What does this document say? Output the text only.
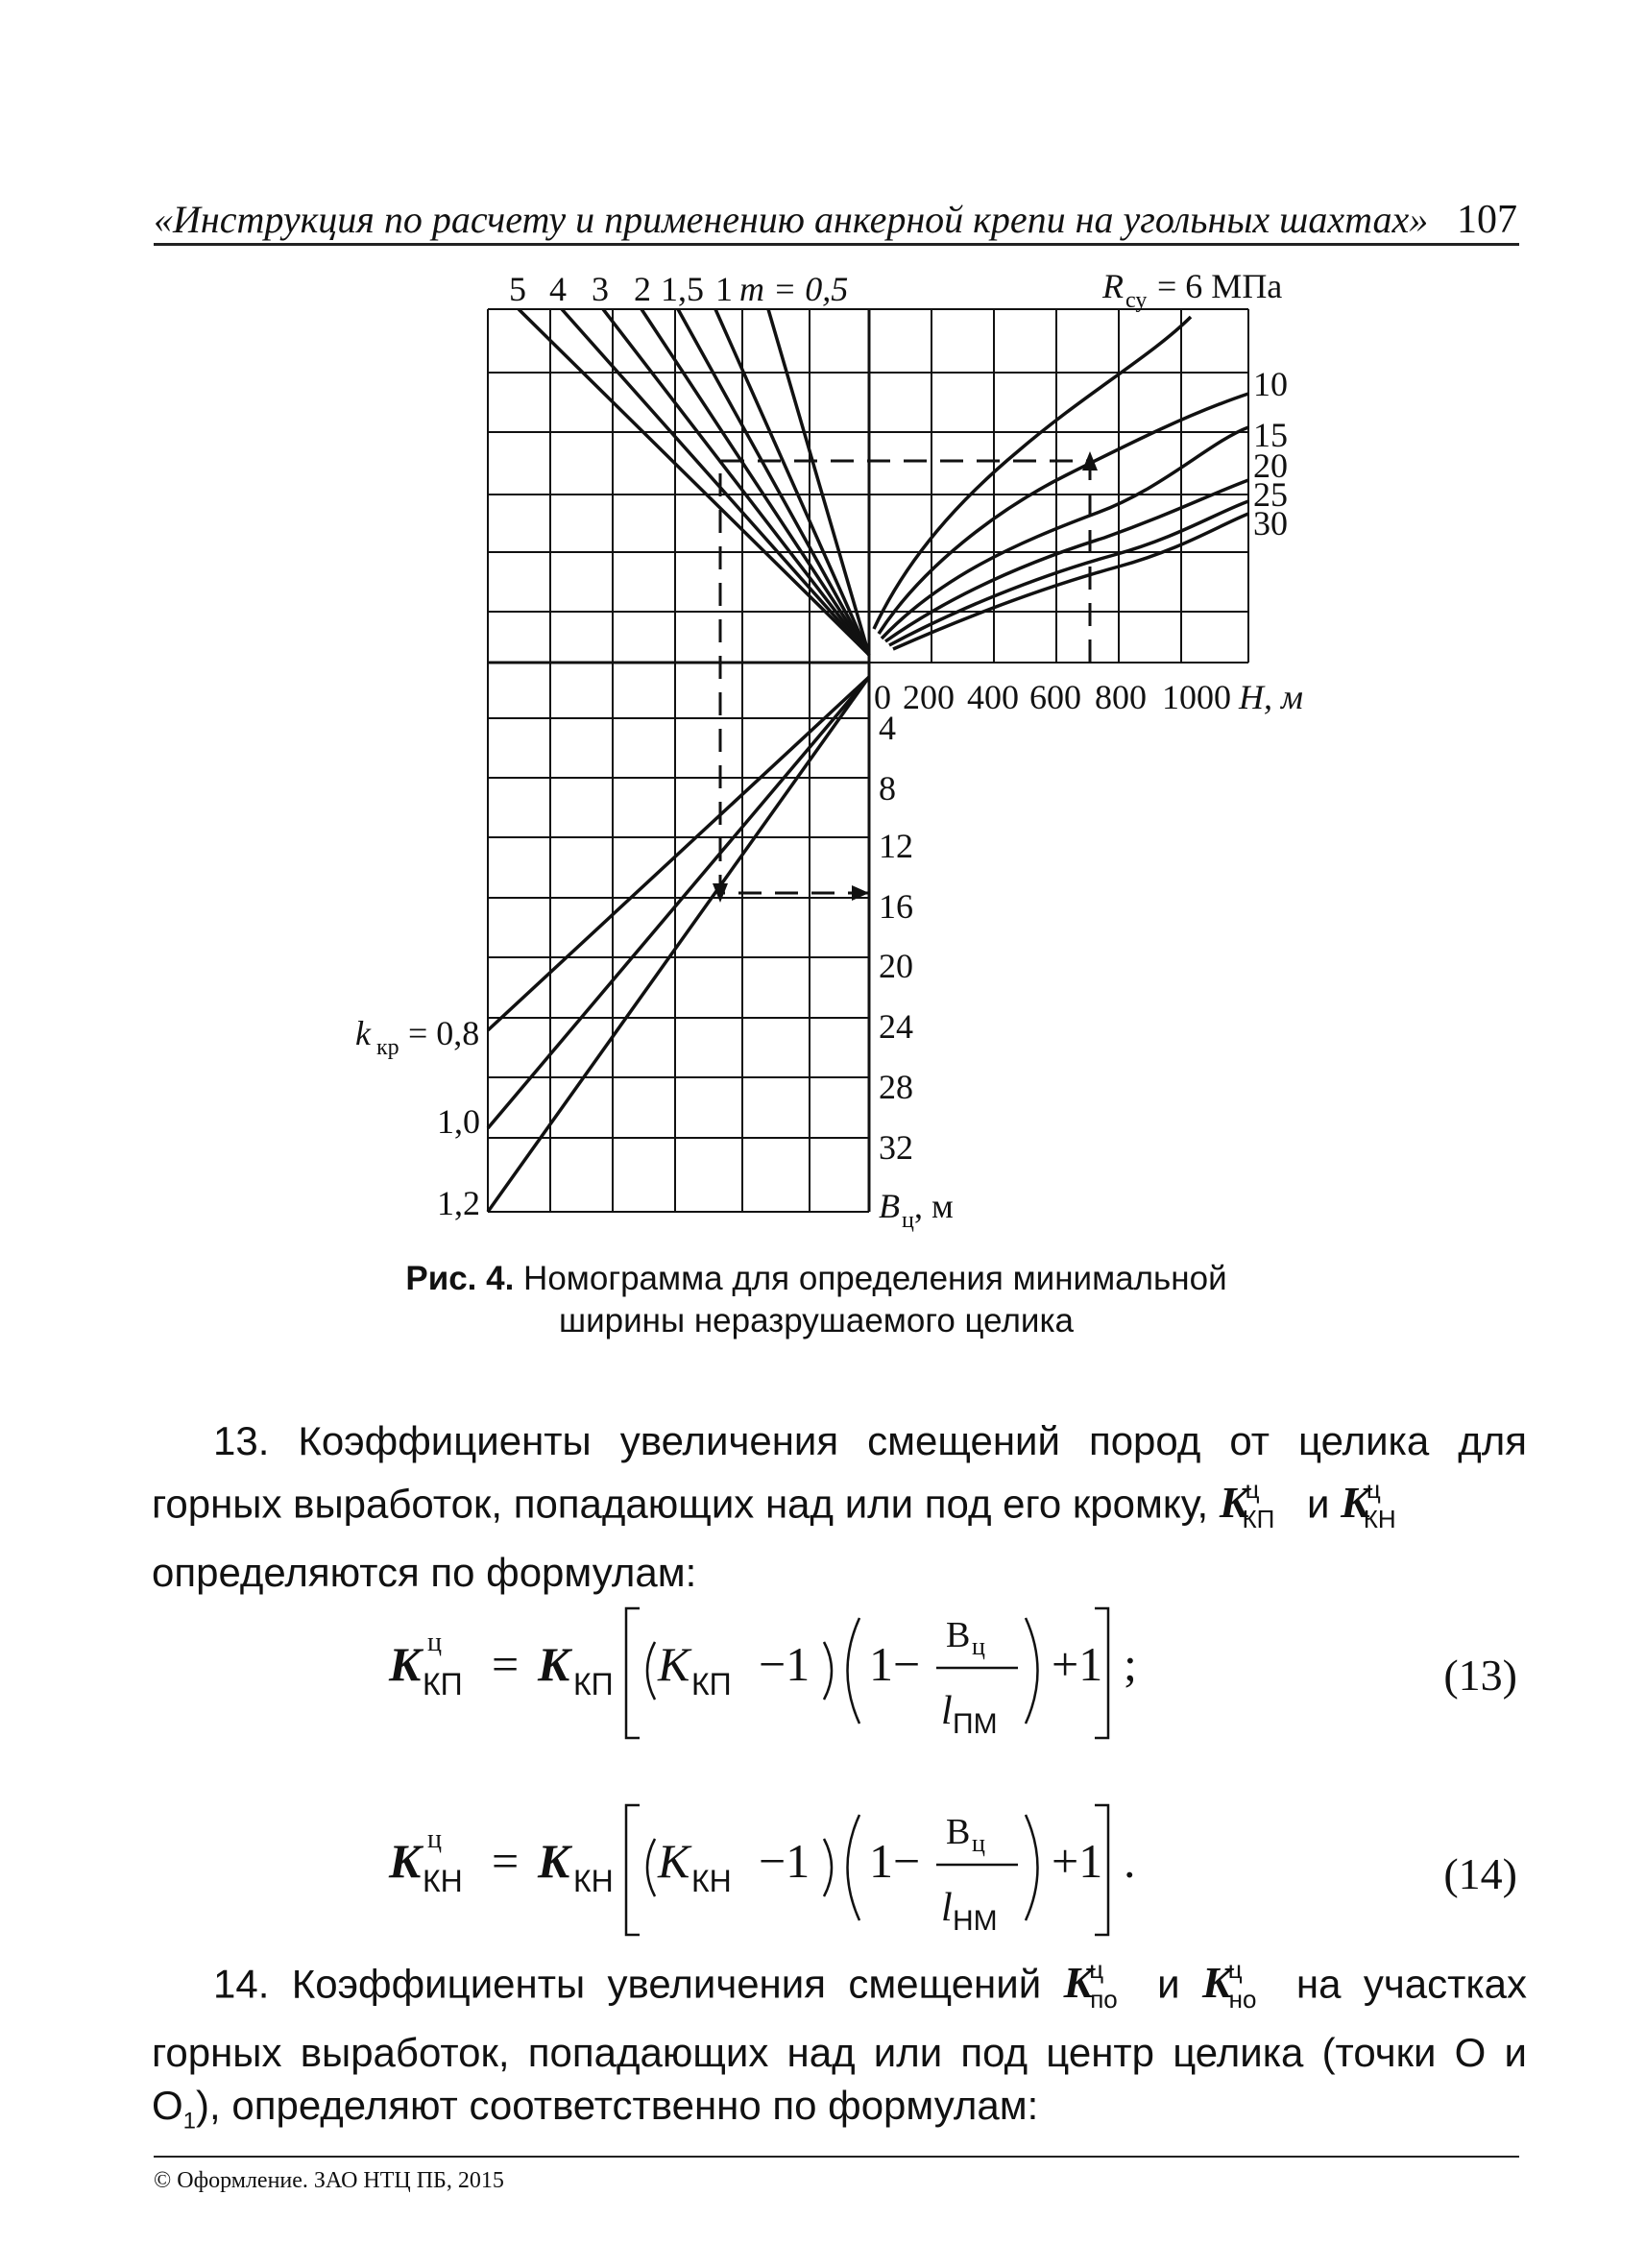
«Инструкция по расчету и применению анкерной крепи на угольных шахтах» 107
5 4 3 2 1,5 1 m = 0,5	R су = 6 МПа
10
15
20
25
30
0 200 400 600 800 1000 H, м
4
8
12
16
20
24
28
32
B ц , м
k кр = 0,8
1,0
1,2
Рис. 4. Номограмма для определения минимальной
ширины неразрушаемого целика
13. Коэффициенты увеличения смещений пород от целика для горных выработок, попадающих над или под его кромку, $K^ц_{КП}$ и $K^ц_{КН}$
определяются по формулам:
K ц
КП = K КП K КП −1 1 −
B ц
l ПМ
+1 ;	(13)
K ц
КН = K КН K КН −1 1 −
B ц
l НМ
+1 .	(14)
14. Коэффициенты увеличения смещений $K^ц_{по}$ и $K^ц_{но}$ на участках горных выработок, попадающих над или под центр целика (точки О и $О_1$), определяют соответственно по формулам:
© Оформление. ЗАО НТЦ ПБ, 2015
